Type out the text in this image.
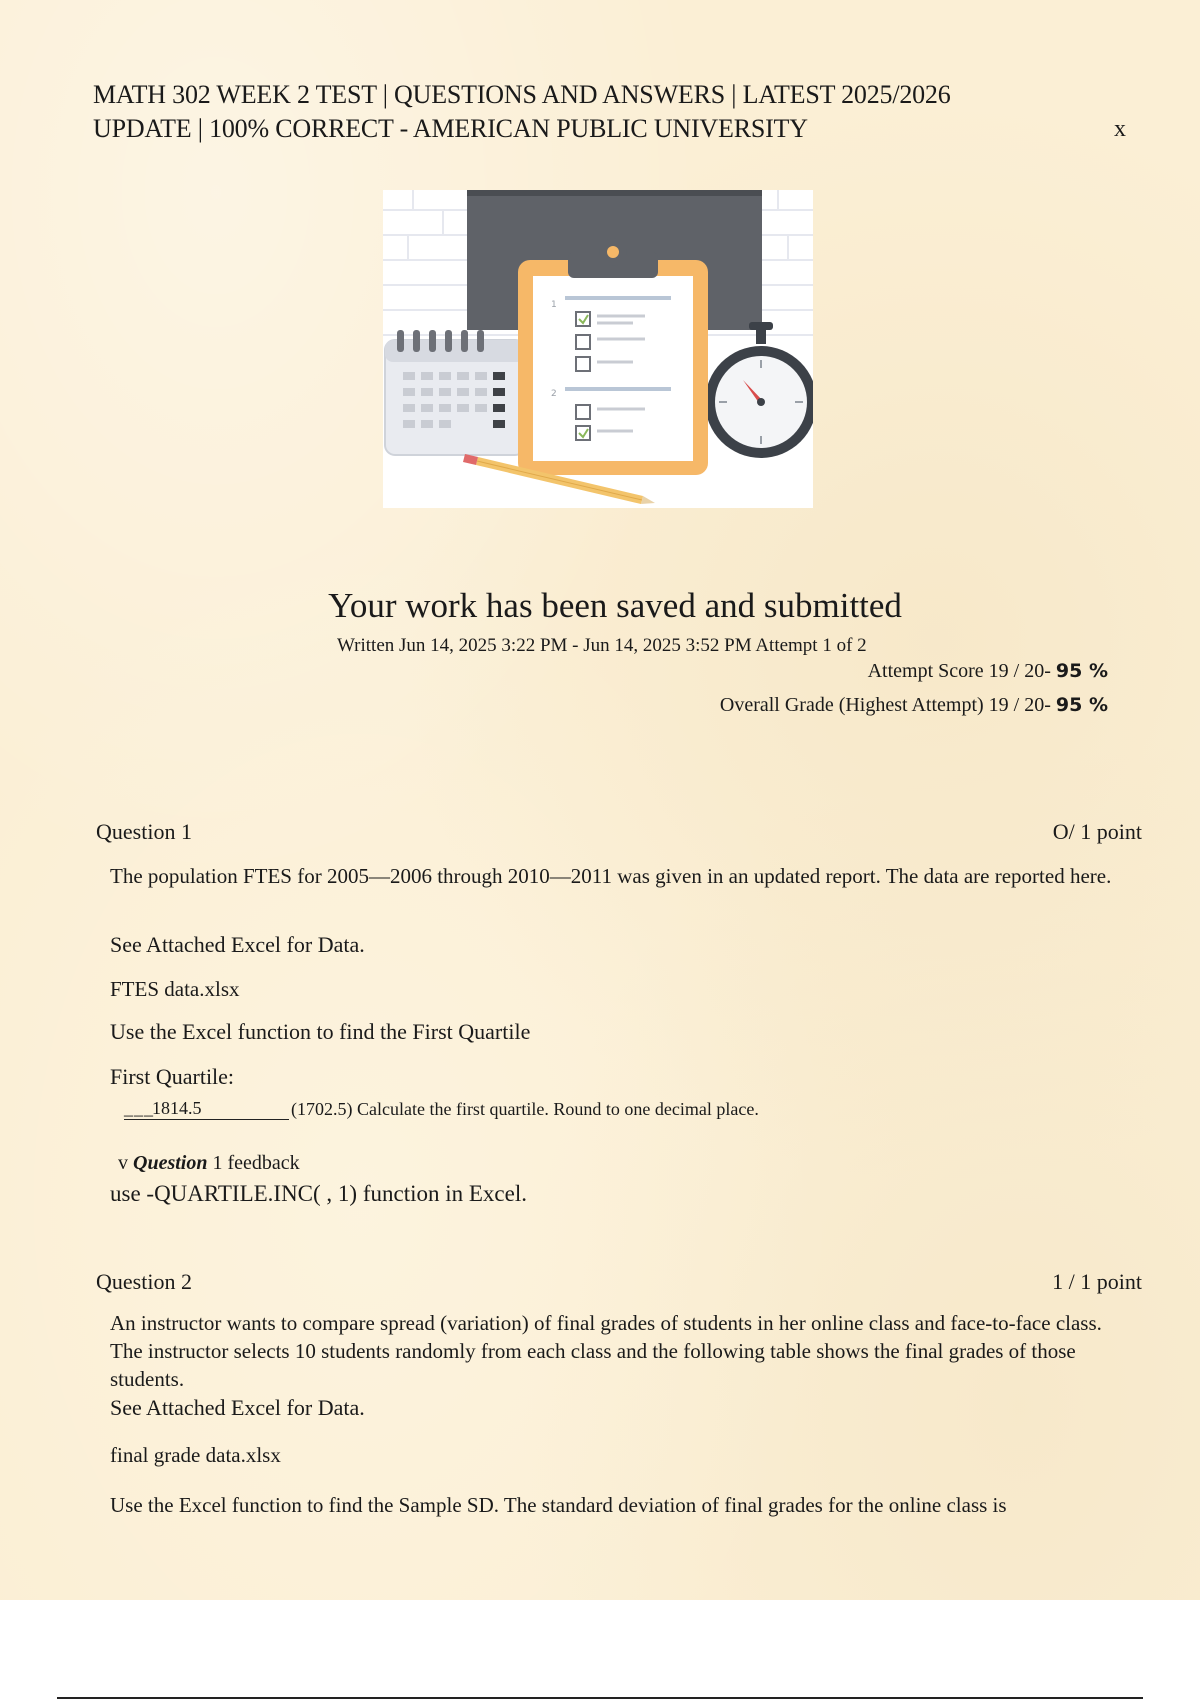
MATH 302 WEEK 2 TEST | QUESTIONS AND ANSWERS | LATEST 2025/2026
UPDATE | 100% CORRECT - AMERICAN PUBLIC UNIVERSITY	x
1
2
Your work has been saved and submitted
Written Jun 14, 2025 3:22 PM - Jun 14, 2025 3:52 PM Attempt 1 of 2
Attempt Score 19 / 20- 95 %
Overall Grade (Highest Attempt) 19 / 20- 95 %
Question 1	O/ 1 point
The population FTES for 2005—2006 through 2010—2011 was given in an updated report. The data are reported here.
See Attached Excel for Data.
FTES data.xlsx
Use the Excel function to find the First Quartile
First Quartile:
___
1814.5	(1702.5) Calculate the first quartile. Round to one decimal place.
v Question 1 feedback
use -QUARTILE.INC( , 1) function in Excel.
Question 2	1 / 1 point
An instructor wants to compare spread (variation) of final grades of students in her online class and face-to-face class. The instructor selects 10 students randomly from each class and the following table shows the final grades of those students.
See Attached Excel for Data.
final grade data.xlsx
Use the Excel function to find the Sample SD. The standard deviation of final grades for the online class is
